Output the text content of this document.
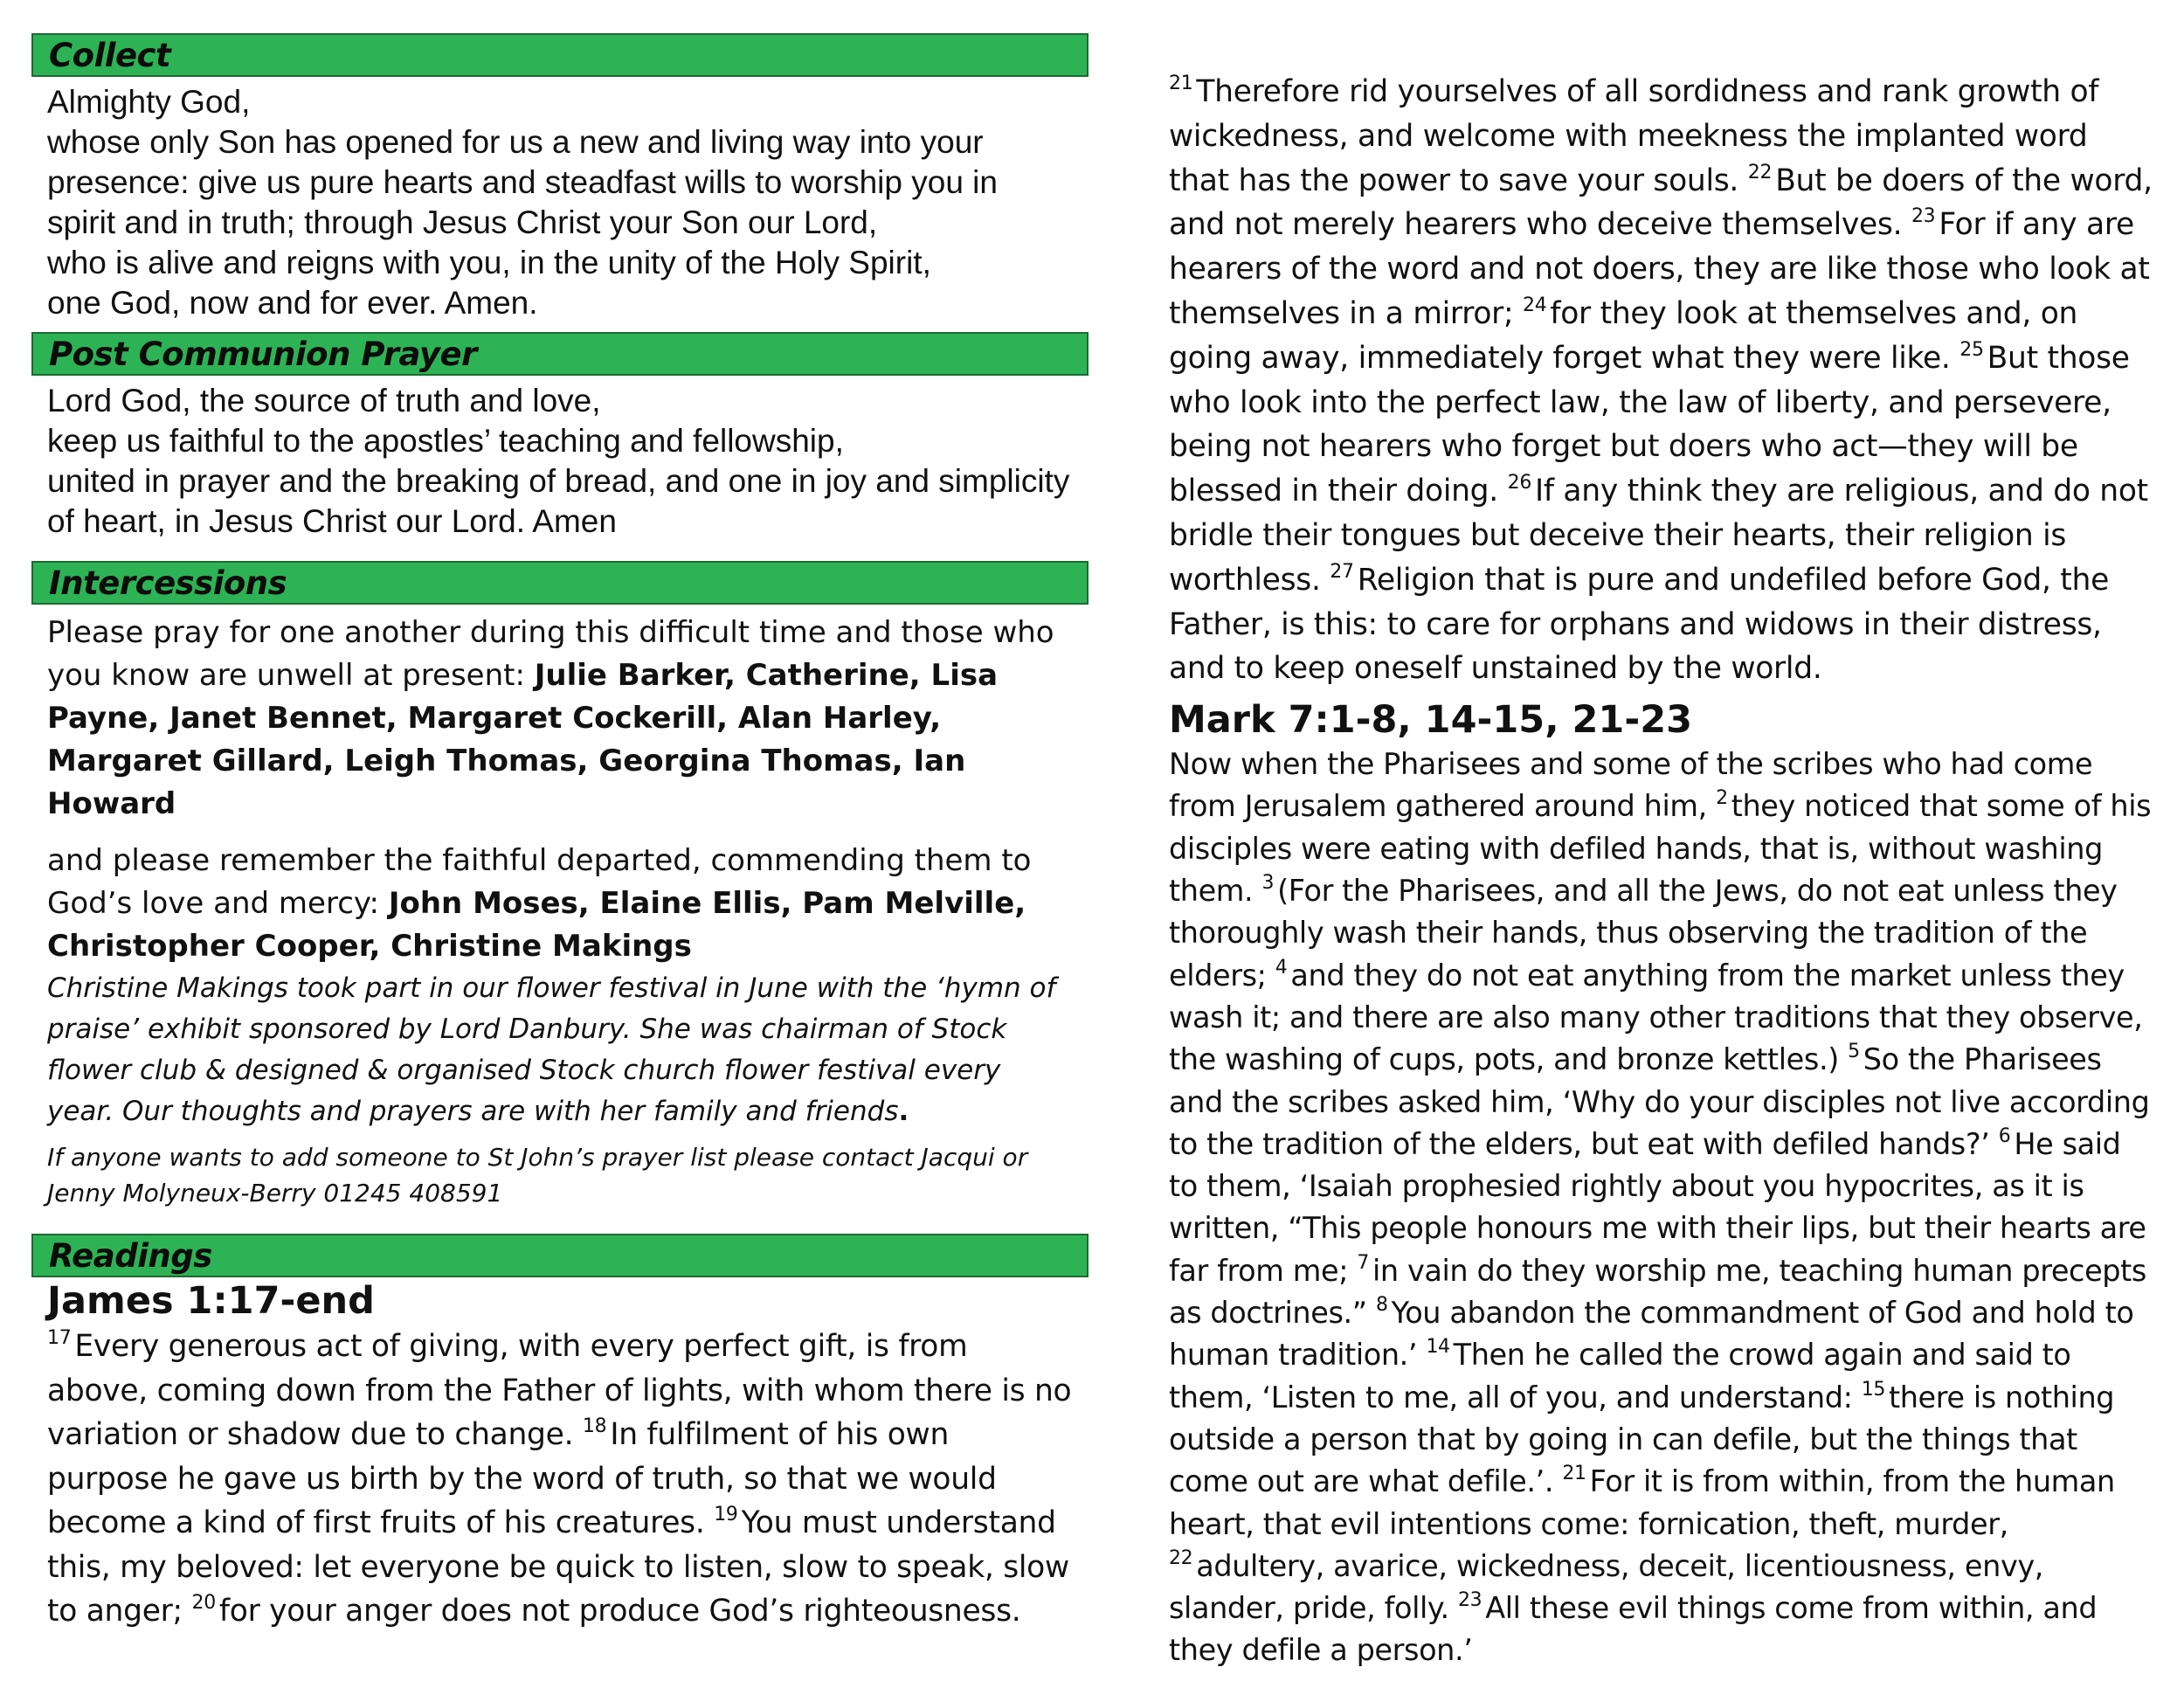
Collect
Almighty God,
whose only Son has opened for us a new and living way into your presence: give us pure hearts and steadfast wills to worship you in spirit and in truth; through Jesus Christ your Son our Lord,
who is alive and reigns with you, in the unity of the Holy Spirit,
one God, now and for ever. Amen.
Post Communion Prayer
Lord God, the source of truth and love,
keep us faithful to the apostles’ teaching and fellowship,
united in prayer and the breaking of bread, and one in joy and simplicity of heart, in Jesus Christ our Lord. Amen
Intercessions
Please pray for one another during this difficult time and those who you know are unwell at present: Julie Barker, Catherine, Lisa Payne, Janet Bennet, Margaret Cockerill, Alan Harley, Margaret Gillard, Leigh Thomas, Georgina Thomas, Ian Howard
and please remember the faithful departed, commending them to God’s love and mercy: John Moses, Elaine Ellis, Pam Melville, Christopher Cooper, Christine Makings
Christine Makings took part in our flower festival in June with the ‘hymn of praise’ exhibit sponsored by Lord Danbury. She was chairman of Stock flower club & designed & organised Stock church flower festival every year. Our thoughts and prayers are with her family and friends.
If anyone wants to add someone to St John’s prayer list please contact Jacqui or Jenny Molyneux-Berry 01245 408591
Readings
James 1:17-end
$^{17}$ Every generous act of giving, with every perfect gift, is from above, coming down from the Father of lights, with whom there is no variation or shadow due to change. $^{18}$ In fulfilment of his own purpose he gave us birth by the word of truth, so that we would become a kind of first fruits of his creatures. $^{19}$ You must understand this, my beloved: let everyone be quick to listen, slow to speak, slow to anger; $^{20}$ for your anger does not produce God’s righteousness.
$^{21}$ Therefore rid yourselves of all sordidness and rank growth of wickedness, and welcome with meekness the implanted word that has the power to save your souls. $^{22}$ But be doers of the word, and not merely hearers who deceive themselves. $^{23}$ For if any are hearers of the word and not doers, they are like those who look at themselves in a mirror; $^{24}$ for they look at themselves and, on going away, immediately forget what they were like. $^{25}$ But those who look into the perfect law, the law of liberty, and persevere, being not hearers who forget but doers who act—they will be blessed in their doing. $^{26}$ If any think they are religious, and do not bridle their tongues but deceive their hearts, their religion is worthless. $^{27}$ Religion that is pure and undefiled before God, the Father, is this: to care for orphans and widows in their distress, and to keep oneself unstained by the world.
Mark 7:1-8, 14-15, 21-23
Now when the Pharisees and some of the scribes who had come from Jerusalem gathered around him, $^2$ they noticed that some of his disciples were eating with defiled hands, that is, without washing them. $^3$ (For the Pharisees, and all the Jews, do not eat unless they thoroughly wash their hands, thus observing the tradition of the elders; $^4$ and they do not eat anything from the market unless they wash it; and there are also many other traditions that they observe, the washing of cups, pots, and bronze kettles.) $^5$ So the Pharisees and the scribes asked him, ‘Why do your disciples not live according to the tradition of the elders, but eat with defiled hands?’ $^6$ He said to them, ‘Isaiah prophesied rightly about you hypocrites, as it is written, “This people honours me with their lips, but their hearts are far from me; $^7$ in vain do they worship me, teaching human precepts as doctrines.” $^8$ You abandon the commandment of God and hold to human tradition.’ $^{14}$ Then he called the crowd again and said to them, ‘Listen to me, all of you, and understand: $^{15}$ there is nothing outside a person that by going in can defile, but the things that come out are what defile.’. $^{21}$ For it is from within, from the human heart, that evil intentions come: fornication, theft, murder, $^{22}$ adultery, avarice, wickedness, deceit, licentiousness, envy, slander, pride, folly. $^{23}$ All these evil things come from within, and they defile a person.’
